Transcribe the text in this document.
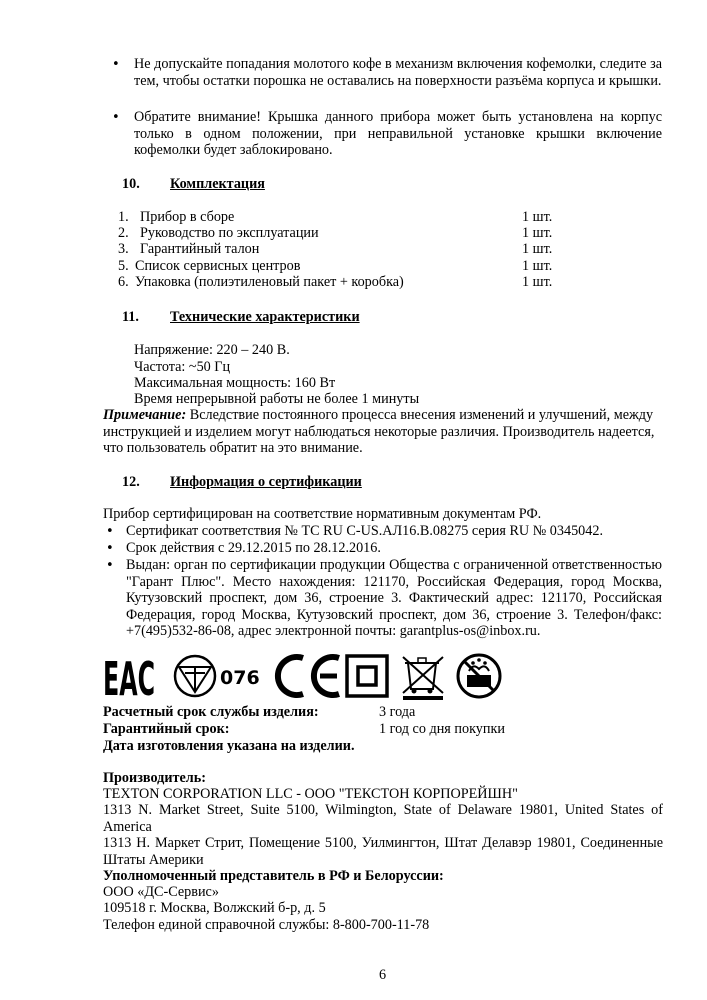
•
Не допускайте попадания молотого кофе в механизм включения кофемолки, следите за тем, чтобы остатки порошка не оставались на поверхности разъёма корпуса и крышки.
•
Обратите внимание! Крышка данного прибора может быть установлена на корпус только в одном положении, при неправильной установке крышки включение кофемолки будет заблокировано.
10. Комплектация
1. Прибор в сборе	1 шт.
2. Руководство по эксплуатации	1 шт.
3. Гарантийный талон	1 шт.
5. Список сервисных центров	1 шт.
6. Упаковка (полиэтиленовый пакет + коробка)	1 шт.
11. Технические характеристики
Напряжение: 220 – 240 В.
Частота: ~50 Гц
Максимальная мощность: 160 Вт
Время непрерывной работы не более 1 минуты
Примечание: Вследствие постоянного процесса внесения изменений и улучшений, между инструкцией и изделием могут наблюдаться некоторые различия. Производитель надеется, что пользователь обратит на это внимание.
12. Информация о сертификации
Прибор сертифицирован на соответствие нормативным документам РФ.
•
Сертификат соответствия № ТС RU C-US.АЛ16.В.08275 серия RU № 0345042.
•
Срок действия с 29.12.2015 по 28.12.2016.
•
Выдан: орган по сертификации продукции Общества с ограниченной ответственностью "Гарант Плюс". Место нахождения: 121170, Российская Федерация, город Москва, Кутузовский проспект, дом 36, строение 3. Фактический адрес: 121170, Российская Федерация, город Москва, Кутузовский проспект, дом 36, строение 3. Телефон/факс: +7(495)532-86-08, адрес электронной почты: garantplus-os@inbox.ru.
EAC	076
Расчетный срок службы изделия:	3 года
Гарантийный срок:	1 год со дня покупки
Дата изготовления указана на изделии.
Производитель:
TEXTON CORPORATION LLC - ООО "ТЕКСТОН КОРПОРЕЙШН"
1313 N. Market Street, Suite 5100, Wilmington, State of Delaware 19801, United States of America
1313 Н. Маркет Стрит, Помещение 5100, Уилмингтон, Штат Делавэр 19801, Соединенные Штаты Америки
Уполномоченный представитель в РФ и Белоруссии:
ООО «ДС-Сервис»
109518 г. Москва, Волжский б-р, д. 5
Телефон единой справочной службы: 8-800-700-11-78
6
